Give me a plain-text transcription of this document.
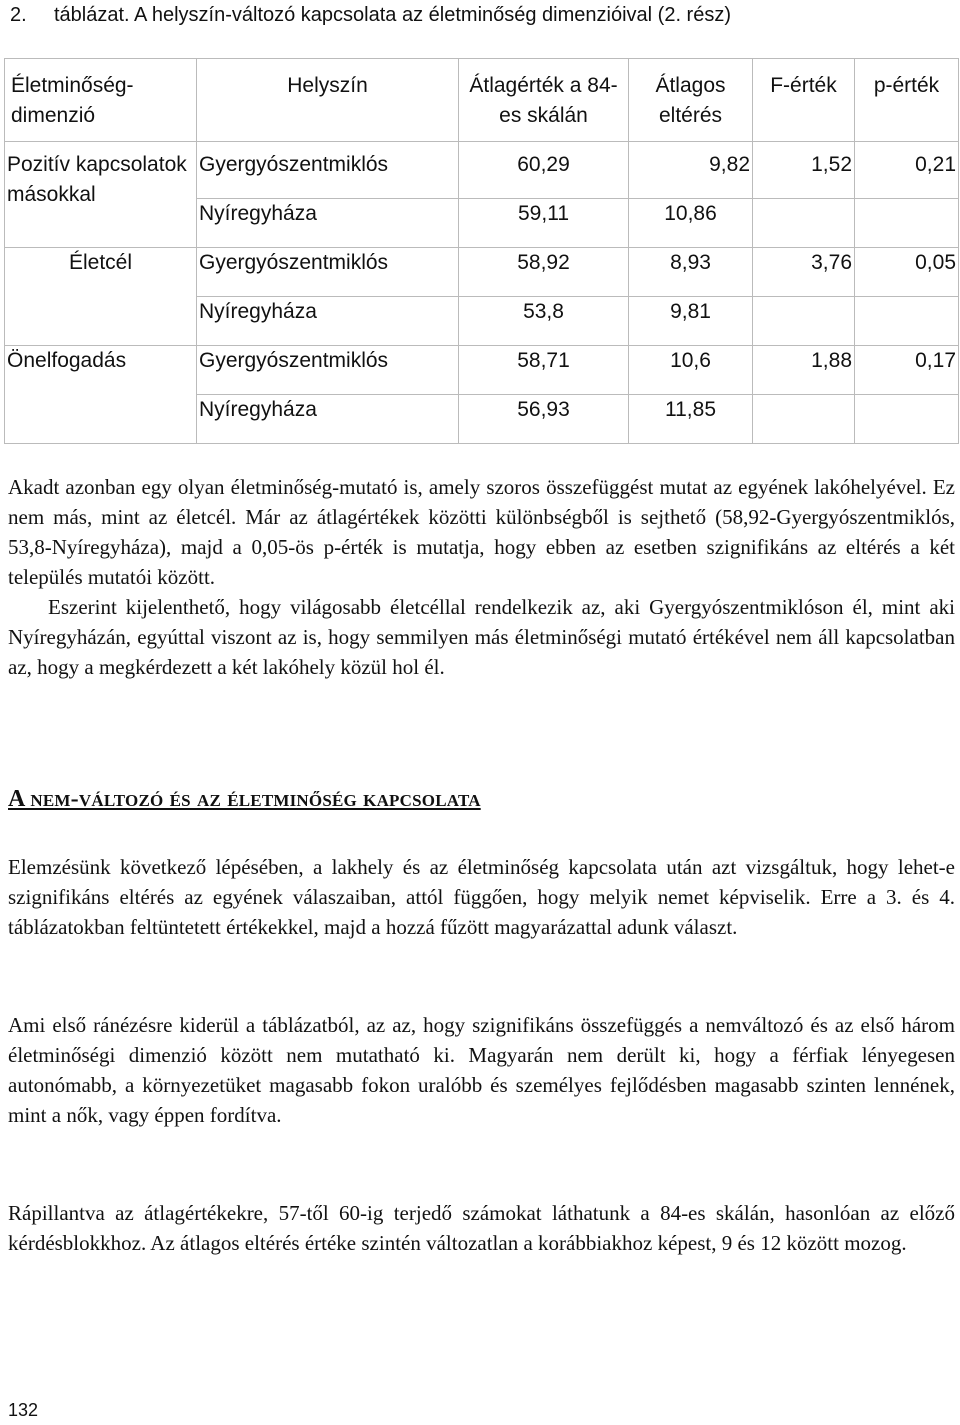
2. táblázat. A helyszín-változó kapcsolata az életminőség dimenzióival (2. rész)
Életminőség-dimenzió	Helyszín	Átlagérték a 84-es skálán	Átlagos eltérés	F-érték	p-érték
Pozitív kapcsolatok másokkal	Gyergyószentmiklós	60,29	9,82	1,52	0,21
	Nyíregyháza	59,11	10,86		
Életcél	Gyergyószentmiklós	58,92	8,93	3,76	0,05
	Nyíregyháza	53,8	9,81		
Önelfogadás	Gyergyószentmiklós	58,71	10,6	1,88	0,17
	Nyíregyháza	56,93	11,85		

Akadt azonban egy olyan életminőség-mutató is, amely szoros összefüggést mutat az egyének lakóhelyével. Ez nem más, mint az életcél. Már az átlagértékek közötti különbségből is sejthető (58,92-Gyergyószentmiklós, 53,8-Nyíregyháza), majd a 0,05-ös p-érték is mutatja, hogy ebben az esetben szignifikáns az eltérés a két település mutatói között.

Eszerint kijelenthető, hogy világosabb életcéllal rendelkezik az, aki Gyergyószentmiklóson él, mint aki Nyíregyházán, egyúttal viszont az is, hogy semmilyen más életminőségi mutató értékével nem áll kapcsolatban az, hogy a megkérdezett a két lakóhely közül hol él.

A nem-változó és az életminőség kapcsolata
Elemzésünk következő lépésében, a lakhely és az életminőség kapcsolata után azt vizsgáltuk, hogy lehet-e szignifikáns eltérés az egyének válaszaiban, attól függően, hogy melyik nemet képviselik. Erre a 3. és 4. táblázatokban feltüntetett értékekkel, majd a hozzá fűzött magyarázattal adunk választ.
Ami első ránézésre kiderül a táblázatból, az az, hogy szignifikáns összefüggés a nemváltozó és az első három életminőségi dimenzió között nem mutatható ki. Magyarán nem derült ki, hogy a férfiak lényegesen autonómabb, a környezetüket magasabb fokon uralóbb és személyes fejlődésben magasabb szinten lennének, mint a nők, vagy éppen fordítva.
Rápillantva az átlagértékekre, 57-től 60-ig terjedő számokat láthatunk a 84-es skálán, hasonlóan az előző kérdésblokkhoz. Az átlagos eltérés értéke szintén változatlan a korábbiakhoz képest, 9 és 12 között mozog.
132
